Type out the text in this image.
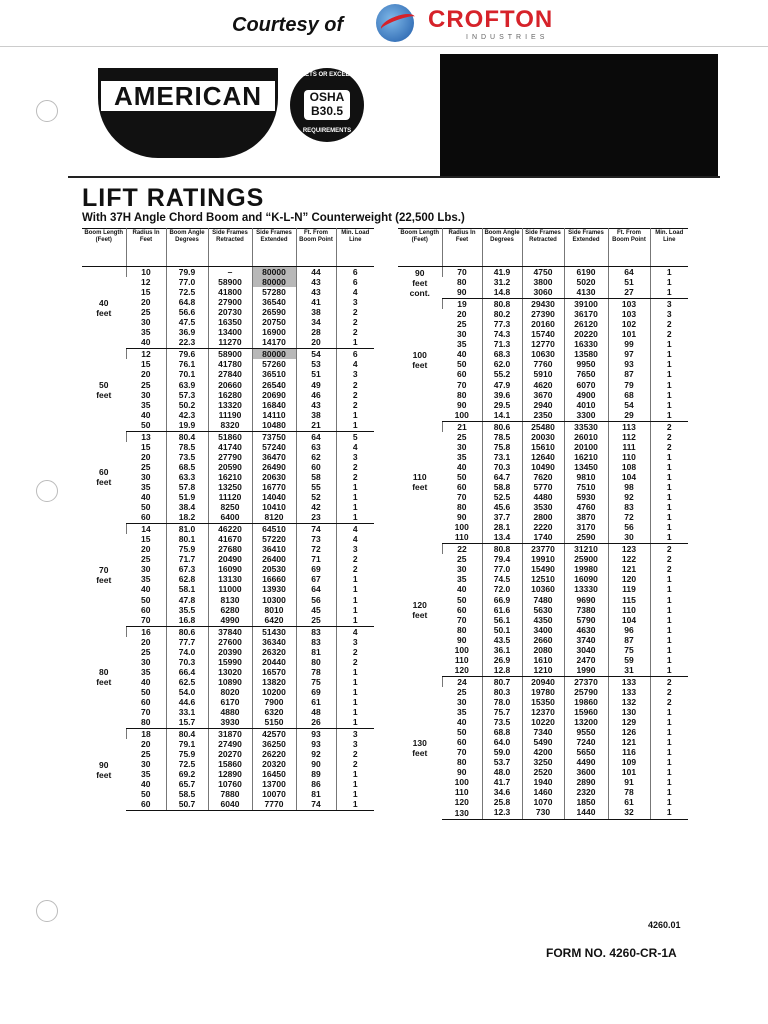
Courtesy of	CROFTON
INDUSTRIES
AMERICAN
MEETS OR EXCEEDS
OSHA
B30.5
REQUIREMENTS
LIFT RATINGS
With 37H Angle Chord Boom and “K-L-N” Counterweight (22,500 Lbs.)
Boom Length (Feet)	Radius In Feet	Boom Angle Degrees	Side Frames Retracted	Side Frames Extended	Ft. From Boom Point	Min. Load Line
40
feet	10	79.9	–	80000	44	6
	12	77.0	58900	80000	43	6
	15	72.5	41800	57280	43	4
	20	64.8	27900	36540	41	3
	25	56.6	20730	26590	38	2
	30	47.5	16350	20750	34	2
	35	36.9	13400	16900	28	2
	40	22.3	11270	14170	20	1
50
feet	12	79.6	58900	80000	54	6
	15	76.1	41780	57260	53	4
	20	70.1	27840	36510	51	3
	25	63.9	20660	26540	49	2
	30	57.3	16280	20690	46	2
	35	50.2	13320	16840	43	2
	40	42.3	11190	14110	38	1
	50	19.9	8320	10480	21	1
60
feet	13	80.4	51860	73750	64	5
	15	78.5	41740	57240	63	4
	20	73.5	27790	36470	62	3
	25	68.5	20590	26490	60	2
	30	63.3	16210	20630	58	2
	35	57.8	13250	16770	55	1
	40	51.9	11120	14040	52	1
	50	38.4	8250	10410	42	1
	60	18.2	6400	8120	23	1
70
feet	14	81.0	46220	64510	74	4
	15	80.1	41670	57220	73	4
	20	75.9	27680	36410	72	3
	25	71.7	20490	26400	71	2
	30	67.3	16090	20530	69	2
	35	62.8	13130	16660	67	1
	40	58.1	11000	13930	64	1
	50	47.8	8130	10300	56	1
	60	35.5	6280	8010	45	1
	70	16.8	4990	6420	25	1
80
feet	16	80.6	37840	51430	83	4
	20	77.7	27600	36340	83	3
	25	74.0	20390	26320	81	2
	30	70.3	15990	20440	80	2
	35	66.4	13020	16570	78	1
	40	62.5	10890	13820	75	1
	50	54.0	8020	10200	69	1
	60	44.6	6170	7900	61	1
	70	33.1	4880	6320	48	1
	80	15.7	3930	5150	26	1
90
feet	18	80.4	31870	42570	93	3
	20	79.1	27490	36250	93	3
	25	75.9	20270	26220	92	2
	30	72.5	15860	20320	90	2
	35	69.2	12890	16450	89	1
	40	65.7	10760	13700	86	1
	50	58.5	7880	10070	81	1
	60	50.7	6040	7770	74	1
Boom Length (Feet)	Radius In Feet	Boom Angle Degrees	Side Frames Retracted	Side Frames Extended	Ft. From Boom Point	Min. Load Line
90
feet
cont.	70	41.9	4750	6190	64	1
	80	31.2	3800	5020	51	1
	90	14.8	3060	4130	27	1
100
feet	19	80.8	29430	39100	103	3
	20	80.2	27390	36170	103	3
	25	77.3	20160	26120	102	2
	30	74.3	15740	20220	101	2
	35	71.3	12770	16330	99	1
	40	68.3	10630	13580	97	1
	50	62.0	7760	9950	93	1
	60	55.2	5910	7650	87	1
	70	47.9	4620	6070	79	1
	80	39.6	3670	4900	68	1
	90	29.5	2940	4010	54	1
	100	14.1	2350	3300	29	1
110
feet	21	80.6	25480	33530	113	2
	25	78.5	20030	26010	112	2
	30	75.8	15610	20100	111	2
	35	73.1	12640	16210	110	1
	40	70.3	10490	13450	108	1
	50	64.7	7620	9810	104	1
	60	58.8	5770	7510	98	1
	70	52.5	4480	5930	92	1
	80	45.6	3530	4760	83	1
	90	37.7	2800	3870	72	1
	100	28.1	2220	3170	56	1
	110	13.4	1740	2590	30	1
120
feet	22	80.8	23770	31210	123	2
	25	79.4	19910	25900	122	2
	30	77.0	15490	19980	121	2
	35	74.5	12510	16090	120	1
	40	72.0	10360	13330	119	1
	50	66.9	7480	9690	115	1
	60	61.6	5630	7380	110	1
	70	56.1	4350	5790	104	1
	80	50.1	3400	4630	96	1
	90	43.5	2660	3740	87	1
	100	36.1	2080	3040	75	1
	110	26.9	1610	2470	59	1
	120	12.8	1210	1990	31	1
130
feet	24	80.7	20940	27370	133	2
	25	80.3	19780	25790	133	2
	30	78.0	15350	19860	132	2
	35	75.7	12370	15960	130	1
	40	73.5	10220	13200	129	1
	50	68.8	7340	9550	126	1
	60	64.0	5490	7240	121	1
	70	59.0	4200	5650	116	1
	80	53.7	3250	4490	109	1
	90	48.0	2520	3600	101	1
	100	41.7	1940	2890	91	1
	110	34.6	1460	2320	78	1
	120	25.8	1070	1850	61	1
	130	12.3	730	1440	32	1
4260.01
FORM NO. 4260-CR-1A
